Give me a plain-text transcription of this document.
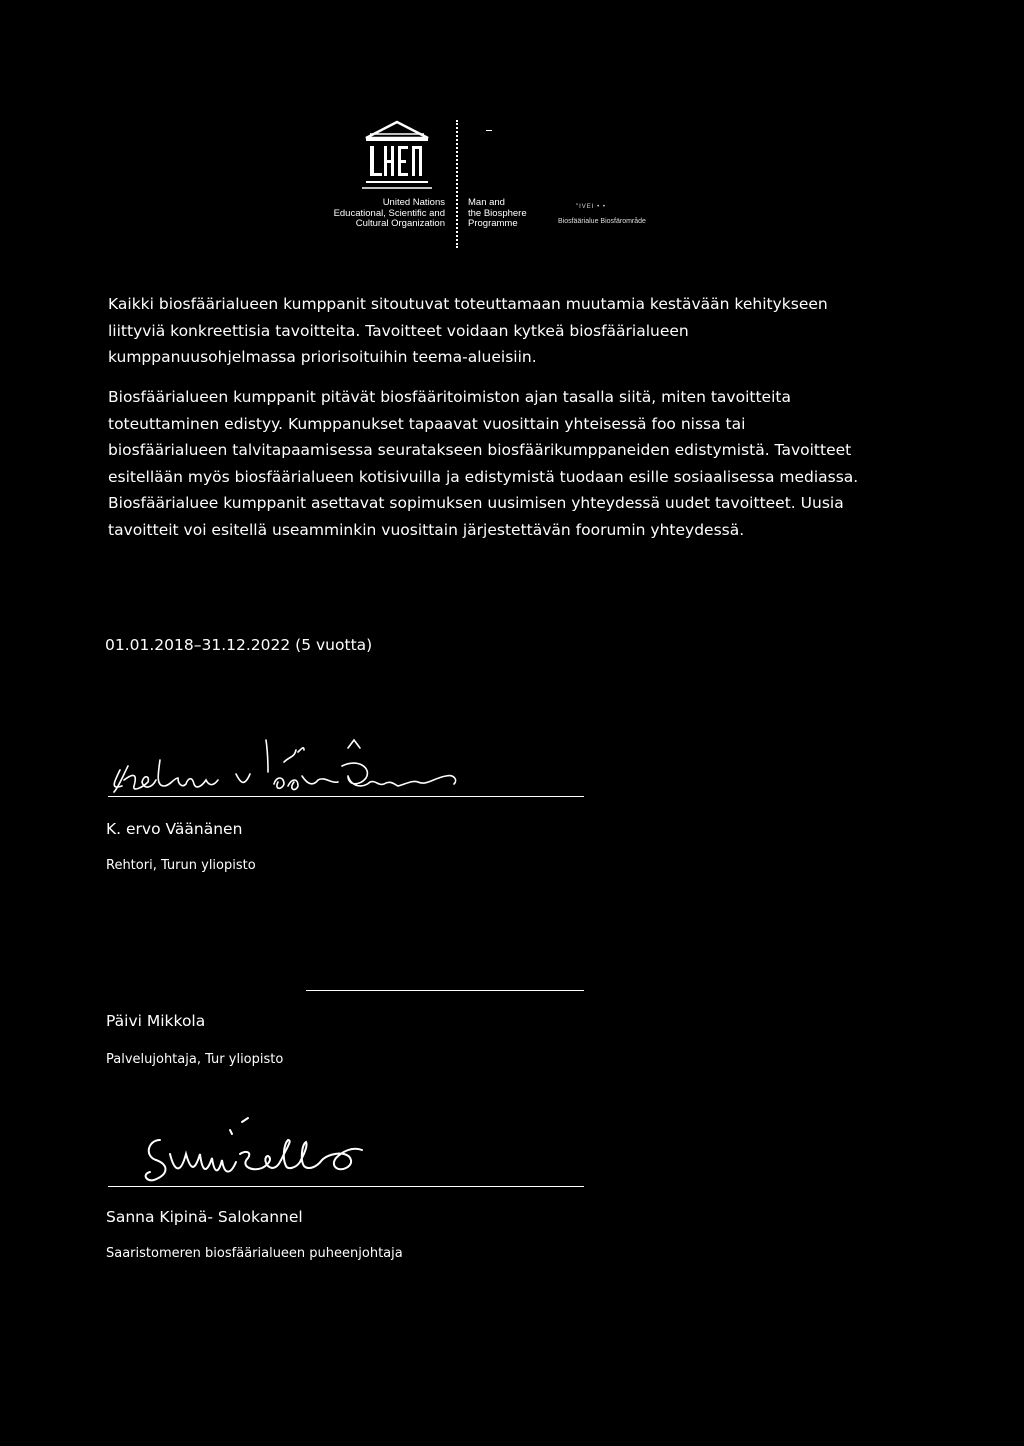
United Nations
Educational, Scientific and
Cultural Organization
Man and
the Biosphere
Programme
"IVEI • •
Biosfäärialue Biosfärområde

Kaikki biosfäärialueen kumppanit sitoutuvat toteuttamaan muutamia kestävään kehitykseen liittyviä konkreettisia tavoitteita. Tavoitteet voidaan kytkeä biosfäärialueen kumppanuusohjelmassa priorisoituihin teema-alueisiin.

Biosfäärialueen kumppanit pitävät biosfääritoimiston ajan tasalla siitä, miten tavoitteita toteuttaminen edistyy. Kumppanukset tapaavat vuosittain yhteisessä foo nissa tai biosfäärialueen talvitapaamisessa seuratakseen biosfäärikumppaneiden edistymistä. Tavoitteet esitellään myös biosfäärialueen kotisivuilla ja edistymistä tuodaan esille sosiaalisessa mediassa. Biosfäärialuee kumppanit asettavat sopimuksen uusimisen yhteydessä uudet tavoitteet. Uusia tavoitteit voi esitellä useamminkin vuosittain järjestettävän foorumin yhteydessä.

01.01.2018–31.12.2022 (5 vuotta)
K. ervo Väänänen
Rehtori, Turun yliopisto
Päivi Mikkola
Palvelujohtaja, Tur yliopisto
Sanna Kipinä- Salokannel
Saaristomeren biosfäärialueen puheenjohtaja
